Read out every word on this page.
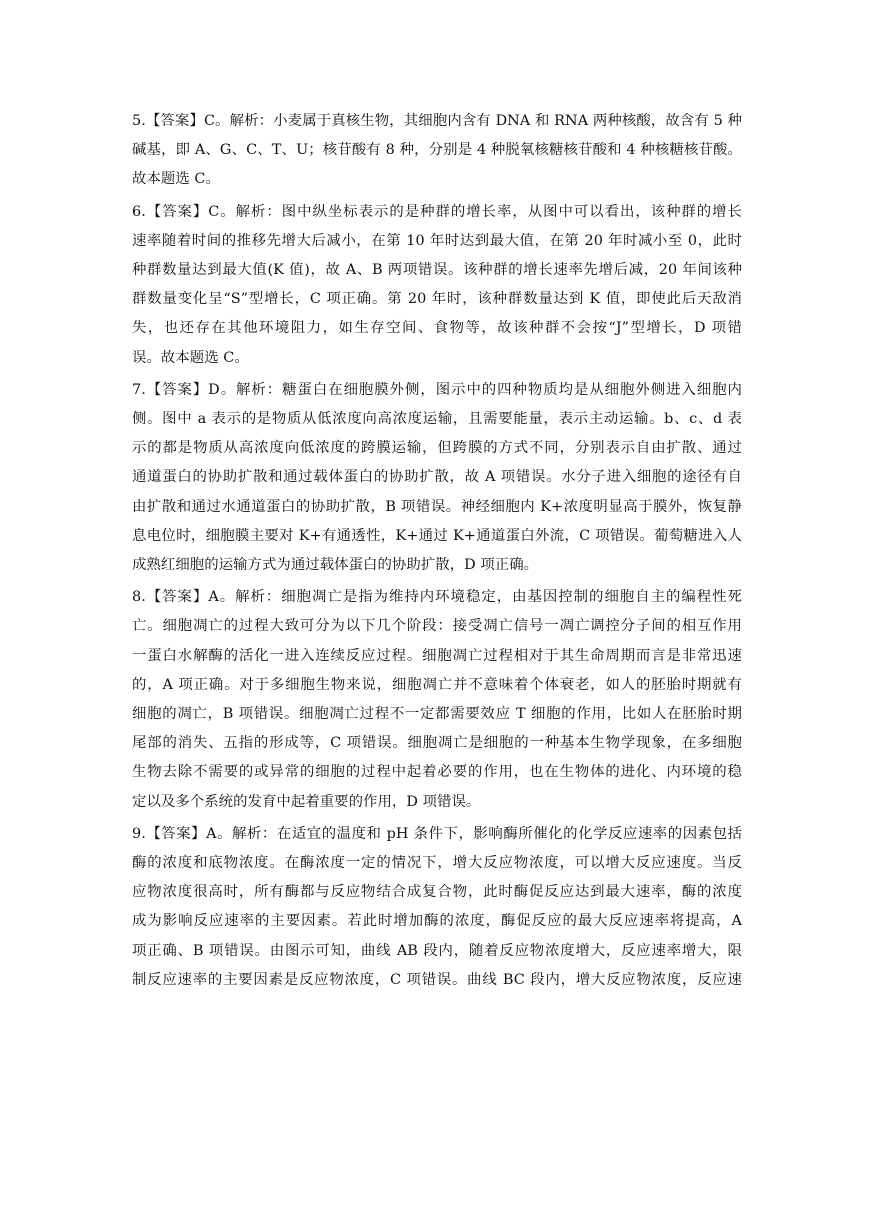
5.【答案】C。解析：小麦属于真核生物，其细胞内含有 DNA 和 RNA 两种核酸，故含有 5 种
碱基，即 A、G、C、T、U；核苷酸有 8 种，分别是 4 种脱氧核糖核苷酸和 4 种核糖核苷酸。
故本题选 C。
6.【答案】C。解析：图中纵坐标表示的是种群的增长率，从图中可以看出，该种群的增长
速率随着时间的推移先增大后减小，在第 10 年时达到最大值，在第 20 年时减小至 0，此时
种群数量达到最大值(K 值)，故 A、B 两项错误。该种群的增长速率先增后减，20 年间该种
群数量变化呈“S”型增长，C 项正确。第 20 年时，该种群数量达到 K 值，即使此后天敌消
失，也还存在其他环境阻力，如生存空间、食物等，故该种群不会按“J”型增长，D 项错
误。故本题选 C。
7.【答案】D。解析：糖蛋白在细胞膜外侧，图示中的四种物质均是从细胞外侧进入细胞内
侧。图中 a 表示的是物质从低浓度向高浓度运输，且需要能量，表示主动运输。b、c、d 表
示的都是物质从高浓度向低浓度的跨膜运输，但跨膜的方式不同，分别表示自由扩散、通过
通道蛋白的协助扩散和通过载体蛋白的协助扩散，故 A 项错误。水分子进入细胞的途径有自
由扩散和通过水通道蛋白的协助扩散，B 项错误。神经细胞内 K+浓度明显高于膜外，恢复静
息电位时，细胞膜主要对 K+有通透性，K+通过 K+通道蛋白外流，C 项错误。葡萄糖进入人
成熟红细胞的运输方式为通过载体蛋白的协助扩散，D 项正确。
8.【答案】A。解析：细胞凋亡是指为维持内环境稳定，由基因控制的细胞自主的编程性死
亡。细胞凋亡的过程大致可分为以下几个阶段：接受凋亡信号一凋亡调控分子间的相互作用
一蛋白水解酶的活化一进入连续反应过程。细胞凋亡过程相对于其生命周期而言是非常迅速
的，A 项正确。对于多细胞生物来说，细胞凋亡并不意味着个体衰老，如人的胚胎时期就有
细胞的凋亡，B 项错误。细胞凋亡过程不一定都需要效应 T 细胞的作用，比如人在胚胎时期
尾部的消失、五指的形成等，C 项错误。细胞凋亡是细胞的一种基本生物学现象，在多细胞
生物去除不需要的或异常的细胞的过程中起着必要的作用，也在生物体的进化、内环境的稳
定以及多个系统的发育中起着重要的作用，D 项错误。
9.【答案】A。解析：在适宜的温度和 pH 条件下，影响酶所催化的化学反应速率的因素包括
酶的浓度和底物浓度。在酶浓度一定的情况下，增大反应物浓度，可以增大反应速度。当反
应物浓度很高时，所有酶都与反应物结合成复合物，此时酶促反应达到最大速率，酶的浓度
成为影响反应速率的主要因素。若此时增加酶的浓度，酶促反应的最大反应速率将提高，A
项正确、B 项错误。由图示可知，曲线 AB 段内，随着反应物浓度增大，反应速率增大，限
制反应速率的主要因素是反应物浓度，C 项错误。曲线 BC 段内，增大反应物浓度，反应速
